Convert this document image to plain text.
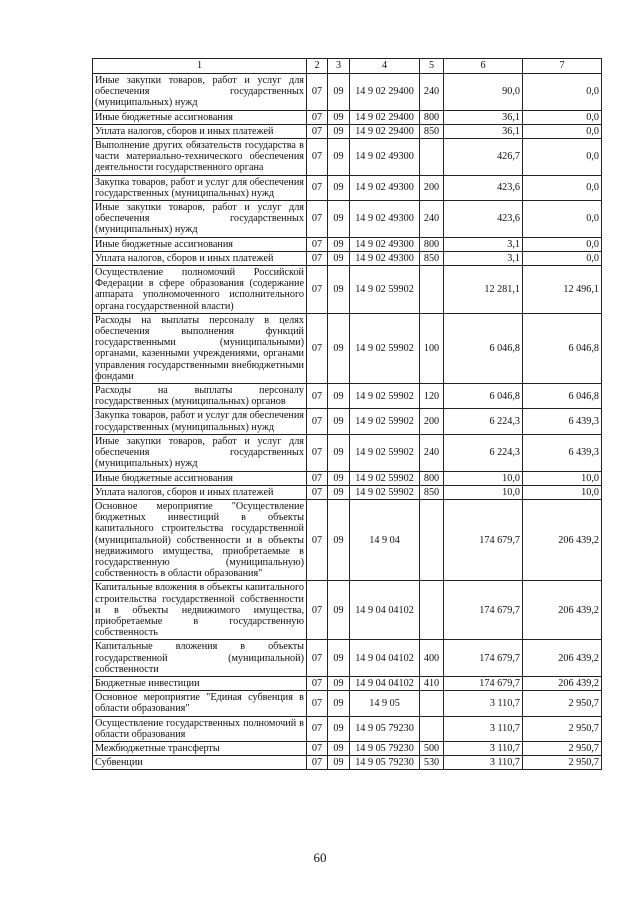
1	2	3	4	5	6	7
Иные закупки товаров, работ и услуг для обеспечения государственных (муниципальных) нужд	07	09	14 9 02 29400	240	90,0	0,0
Иные бюджетные ассигнования	07	09	14 9 02 29400	800	36,1	0,0
Уплата налогов, сборов и иных платежей	07	09	14 9 02 29400	850	36,1	0,0
Выполнение других обязательств государства в части материально-технического обеспечения деятельности государственного органа	07	09	14 9 02 49300		426,7	0,0
Закупка товаров, работ и услуг для обеспечения государственных (муниципальных) нужд	07	09	14 9 02 49300	200	423,6	0,0
Иные закупки товаров, работ и услуг для обеспечения государственных (муниципальных) нужд	07	09	14 9 02 49300	240	423,6	0,0
Иные бюджетные ассигнования	07	09	14 9 02 49300	800	3,1	0,0
Уплата налогов, сборов и иных платежей	07	09	14 9 02 49300	850	3,1	0,0
Осуществление полномочий Российской Федерации в сфере образования (содержание аппарата уполномоченного исполнительного органа государственной власти)	07	09	14 9 02 59902		12 281,1	12 496,1
Расходы на выплаты персоналу в целях обеспечения выполнения функций государственными (муниципальными) органами, казенными учреждениями, органами управления государственными внебюджетными фондами	07	09	14 9 02 59902	100	6 046,8	6 046,8
Расходы на выплаты персоналу государственных (муниципальных) органов	07	09	14 9 02 59902	120	6 046,8	6 046,8
Закупка товаров, работ и услуг для обеспечения государственных (муниципальных) нужд	07	09	14 9 02 59902	200	6 224,3	6 439,3
Иные закупки товаров, работ и услуг для обеспечения государственных (муниципальных) нужд	07	09	14 9 02 59902	240	6 224,3	6 439,3
Иные бюджетные ассигнования	07	09	14 9 02 59902	800	10,0	10,0
Уплата налогов, сборов и иных платежей	07	09	14 9 02 59902	850	10,0	10,0
Основное мероприятие "Осуществление бюджетных инвестиций в объекты капитального строительства государственной (муниципальной) собственности и в объекты недвижимого имущества, приобретаемые в государственную (муниципальную) собственность в области образования"	07	09	14 9 04		174 679,7	206 439,2
Капитальные вложения в объекты капитального строительства государственной собственности и в объекты недвижимого имущества, приобретаемые в государственную собственность	07	09	14 9 04 04102		174 679,7	206 439,2
Капитальные вложения в объекты государственной (муниципальной) собственности	07	09	14 9 04 04102	400	174 679,7	206 439,2
Бюджетные инвестиции	07	09	14 9 04 04102	410	174 679,7	206 439,2
Основное мероприятие "Единая субвенция в области образования"	07	09	14 9 05		3 110,7	2 950,7
Осуществление государственных полномочий в области образования	07	09	14 9 05 79230		3 110,7	2 950,7
Межбюджетные трансферты	07	09	14 9 05 79230	500	3 110,7	2 950,7
Субвенции	07	09	14 9 05 79230	530	3 110,7	2 950,7
60
